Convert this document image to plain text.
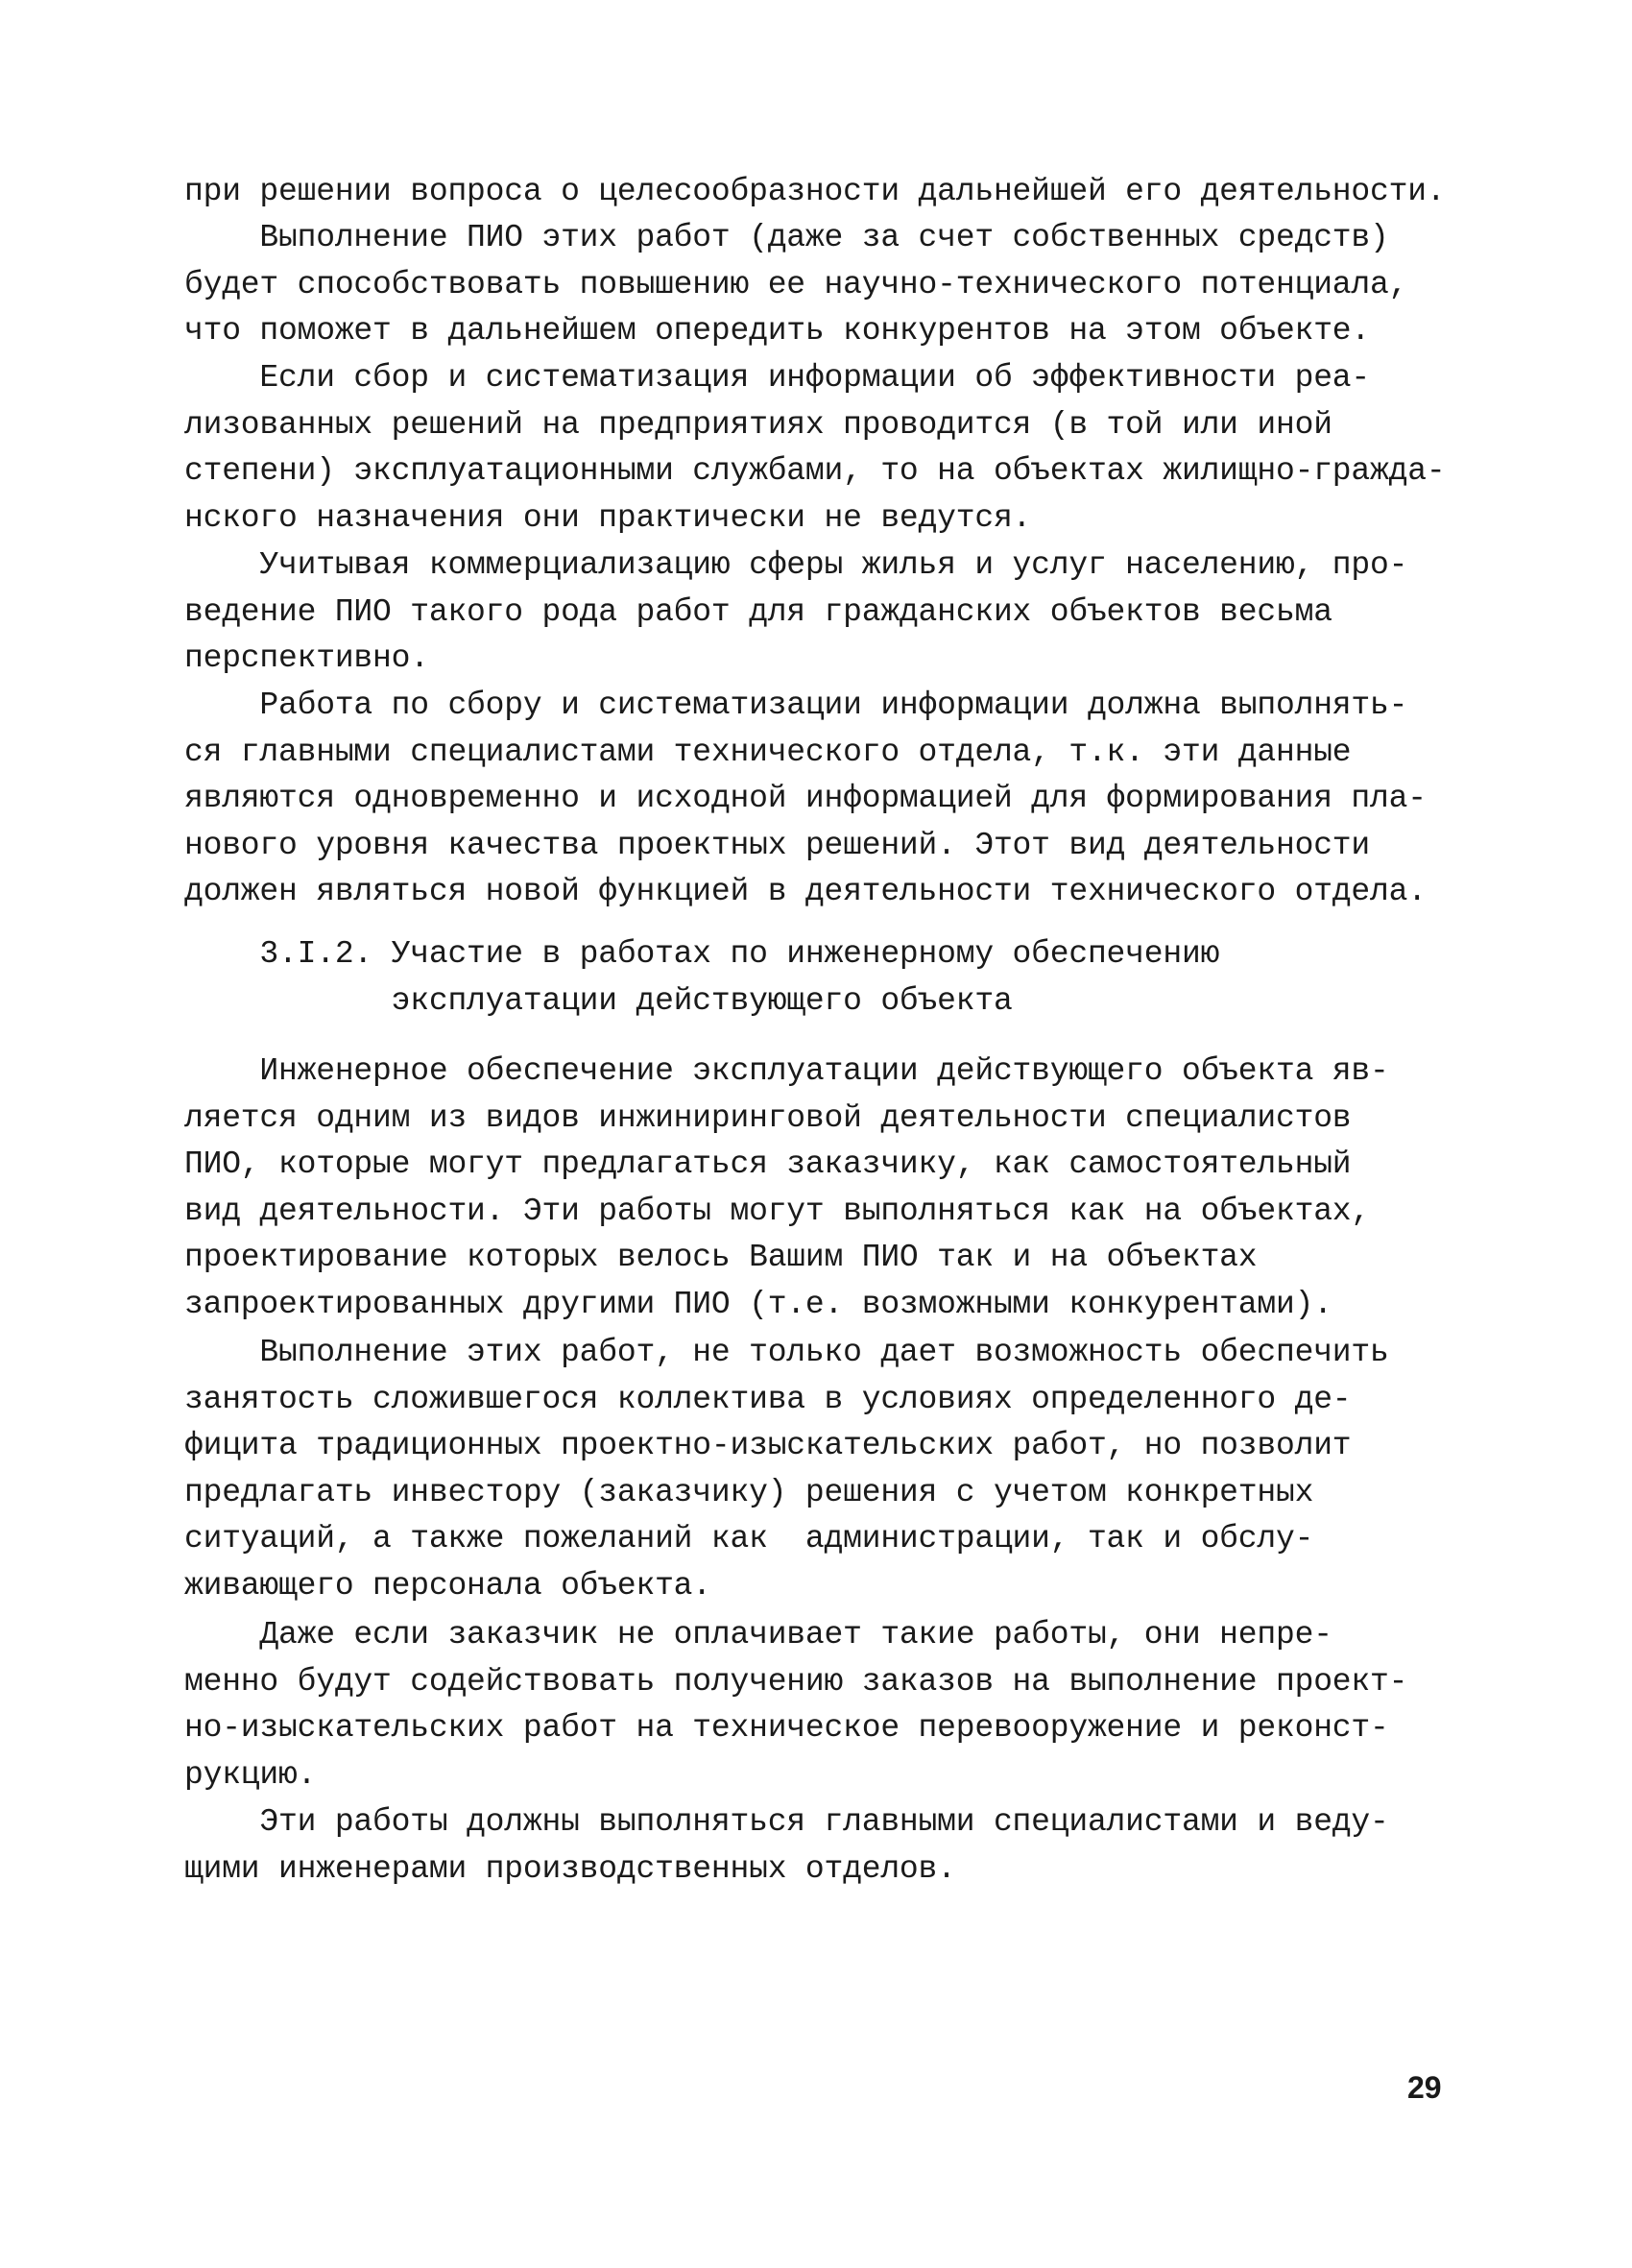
при решении вопроса о целесообразности дальнейшей его деятельности.
Выполнение ПИО этих работ (даже за счет собственных средств)
будет способствовать повышению ее научно-технического потенциала,
что поможет в дальнейшем опередить конкурентов на этом объекте.
Если сбор и систематизация информации об эффективности реа-
лизованных решений на предприятиях проводится (в той или иной
степени) эксплуатационными службами, то на объектах жилищно-гражда-
нского назначения они практически не ведутся.
Учитывая коммерциализацию сферы жилья и услуг населению, про-
ведение ПИО такого рода работ для гражданских объектов весьма
перспективно.
Работа по сбору и систематизации информации должна выполнять-
ся главными специалистами технического отдела, т.к. эти данные
являются одновременно и исходной информацией для формирования пла-
нового уровня качества проектных решений. Этот вид деятельности
должен являться новой функцией в деятельности технического отдела.
3.I.2. Участие в работах по инженерному обеспечению
эксплуатации действующего объекта
Инженерное обеспечение эксплуатации действующего объекта яв-
ляется одним из видов инжиниринговой деятельности специалистов
ПИО, которые могут предлагаться заказчику, как самостоятельный
вид деятельности. Эти работы могут выполняться как на объектах,
проектирование которых велось Вашим ПИО так и на объектах
запроектированных другими ПИО (т.е. возможными конкурентами).
Выполнение этих работ, не только дает возможность обеспечить
занятость сложившегося коллектива в условиях определенного де-
фицита традиционных проектно-изыскательских работ, но позволит
предлагать инвестору (заказчику) решения с учетом конкретных
ситуаций, а также пожеланий как  администрации, так и обслу-
живающего персонала объекта.
Даже если заказчик не оплачивает такие работы, они непре-
менно будут содействовать получению заказов на выполнение проект-
но-изыскательских работ на техническое перевооружение и реконст-
рукцию.
Эти работы должны выполняться главными специалистами и веду-
щими инженерами производственных отделов.
29
